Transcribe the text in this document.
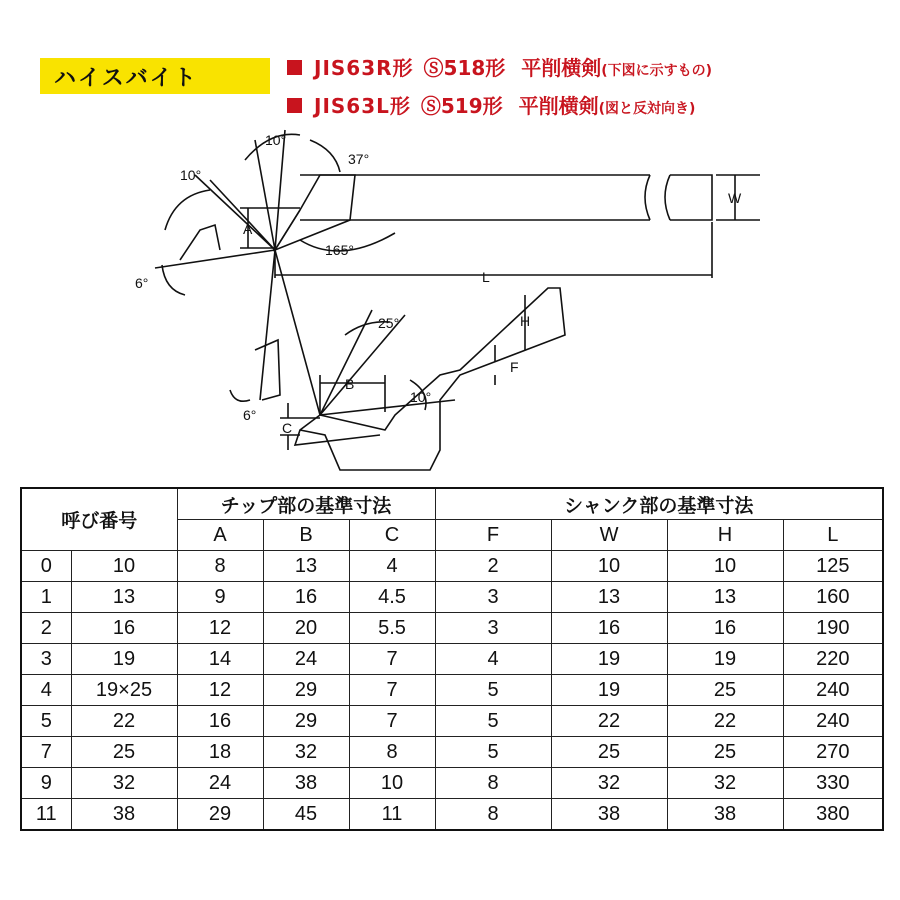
ハイスバイト	JIS63R形 Ⓢ518形 平削横剣 (下図に示すもの)
JIS63L形 Ⓢ519形 平削横剣 (図と反対向き)
10°
10°
37°
165°
6°
6°
25°
10°
A
W
L
H
F
B
C
呼び番号		チップ部の基準寸法			シャンク部の基準寸法			
		A	B	C	F	W	H	L
0	10	8	13	4	2	10	10	125
1	13	9	16	4.5	3	13	13	160
2	16	12	20	5.5	3	16	16	190
3	19	14	24	7	4	19	19	220
4	19×25	12	29	7	5	19	25	240
5	22	16	29	7	5	22	22	240
7	25	18	32	8	5	25	25	270
9	32	24	38	10	8	32	32	330
11	38	29	45	11	8	38	38	380
